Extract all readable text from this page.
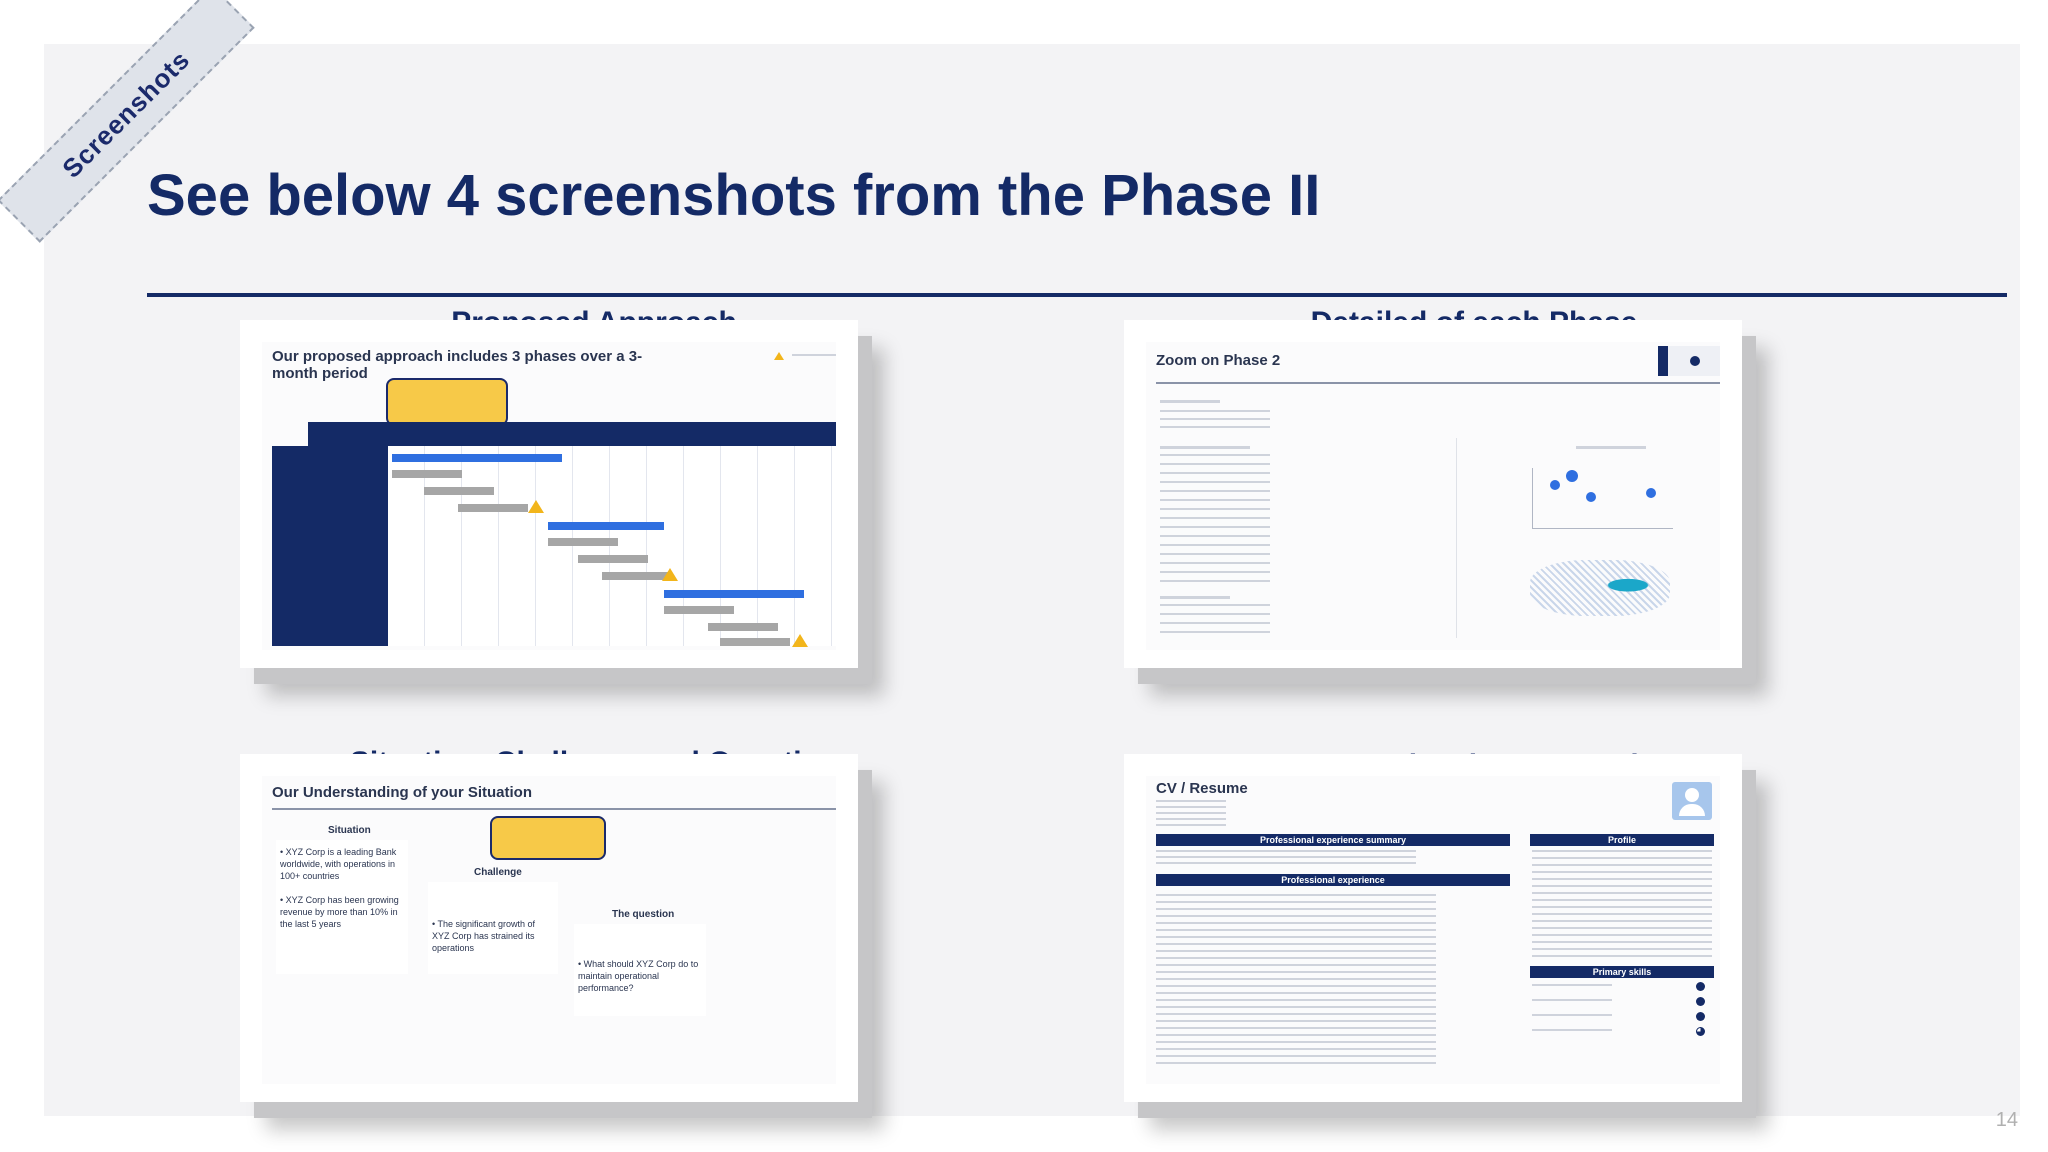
Screenshots
See below 4 screenshots from the Phase II
Our proposed approach includes 3 phases over a 3-month period
Zoom on Phase 2
Our Understanding of your Situation
Situation
• XYZ Corp is a leading Bank worldwide, with operations in 100+ countries
• XYZ Corp has been growing revenue by more than 10% in the last 5 years
Challenge
• The significant growth of XYZ Corp has strained its operations
The question
• What should XYZ Corp do to maintain operational performance?
CV / Resume
Professional experience summary
Professional experience
Profile
Primary skills
14
